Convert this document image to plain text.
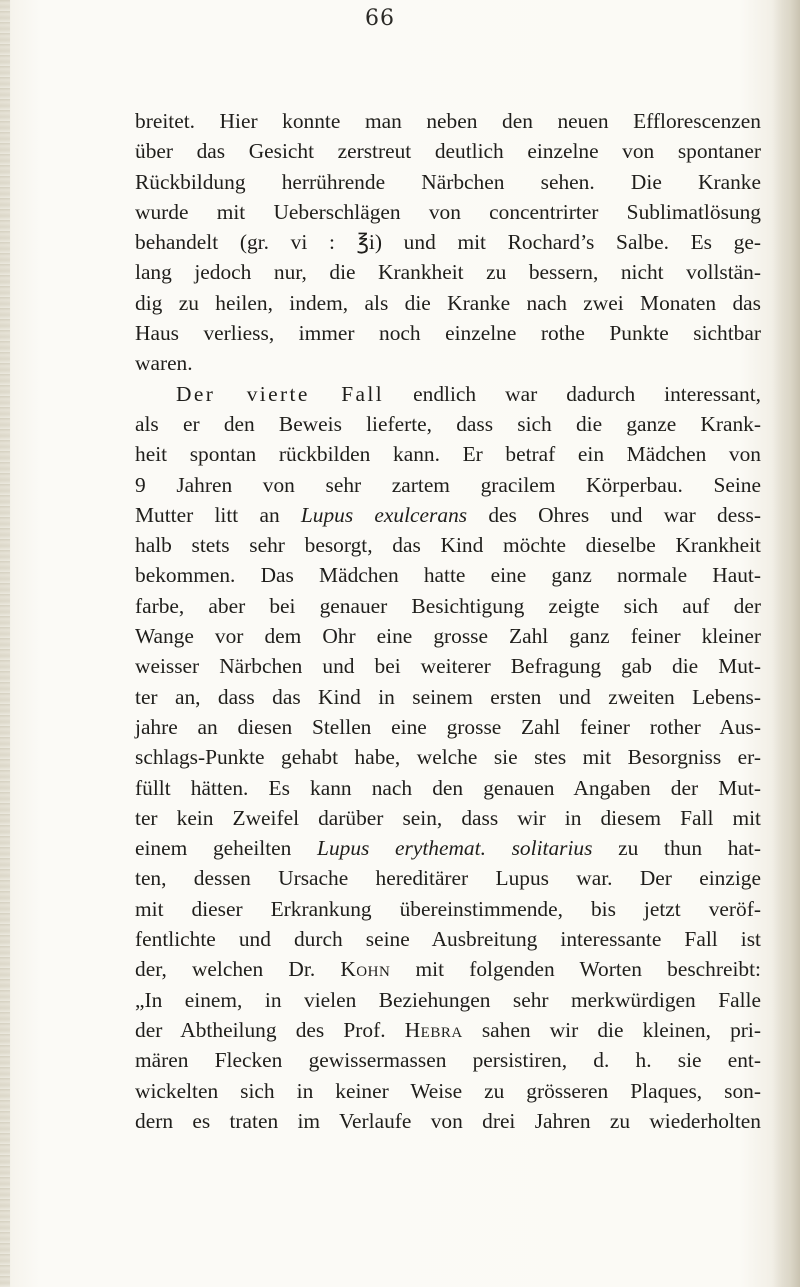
66
breitet. Hier konnte man neben den neuen Efflorescenzen
über das Gesicht zerstreut deutlich einzelne von spontaner
Rückbildung herrührende Närbchen sehen. Die Kranke
wurde mit Ueberschlägen von concentrirter Sublimatlösung
behandelt (gr. vi : ℥i) und mit Rochard’s Salbe. Es ge-
lang jedoch nur, die Krankheit zu bessern, nicht vollstän-
dig zu heilen, indem, als die Kranke nach zwei Monaten das
Haus verliess, immer noch einzelne rothe Punkte sichtbar
waren.
Der vierte Fall endlich war dadurch interessant,
als er den Beweis lieferte, dass sich die ganze Krank-
heit spontan rückbilden kann. Er betraf ein Mädchen von
9 Jahren von sehr zartem gracilem Körperbau. Seine
Mutter litt an Lupus exulcerans des Ohres und war dess-
halb stets sehr besorgt, das Kind möchte dieselbe Krankheit
bekommen. Das Mädchen hatte eine ganz normale Haut-
farbe, aber bei genauer Besichtigung zeigte sich auf der
Wange vor dem Ohr eine grosse Zahl ganz feiner kleiner
weisser Närbchen und bei weiterer Befragung gab die Mut-
ter an, dass das Kind in seinem ersten und zweiten Lebens-
jahre an diesen Stellen eine grosse Zahl feiner rother Aus-
schlags-Punkte gehabt habe, welche sie stes mit Besorgniss er-
füllt hätten. Es kann nach den genauen Angaben der Mut-
ter kein Zweifel darüber sein, dass wir in diesem Fall mit
einem geheilten Lupus erythemat. solitarius zu thun hat-
ten, dessen Ursache hereditärer Lupus war. Der einzige
mit dieser Erkrankung übereinstimmende, bis jetzt veröf-
fentlichte und durch seine Ausbreitung interessante Fall ist
der, welchen Dr. Kohn mit folgenden Worten beschreibt:
„In einem, in vielen Beziehungen sehr merkwürdigen Falle
der Abtheilung des Prof. Hebra sahen wir die kleinen, pri-
mären Flecken gewissermassen persistiren, d. h. sie ent-
wickelten sich in keiner Weise zu grösseren Plaques, son-
dern es traten im Verlaufe von drei Jahren zu wiederholten
